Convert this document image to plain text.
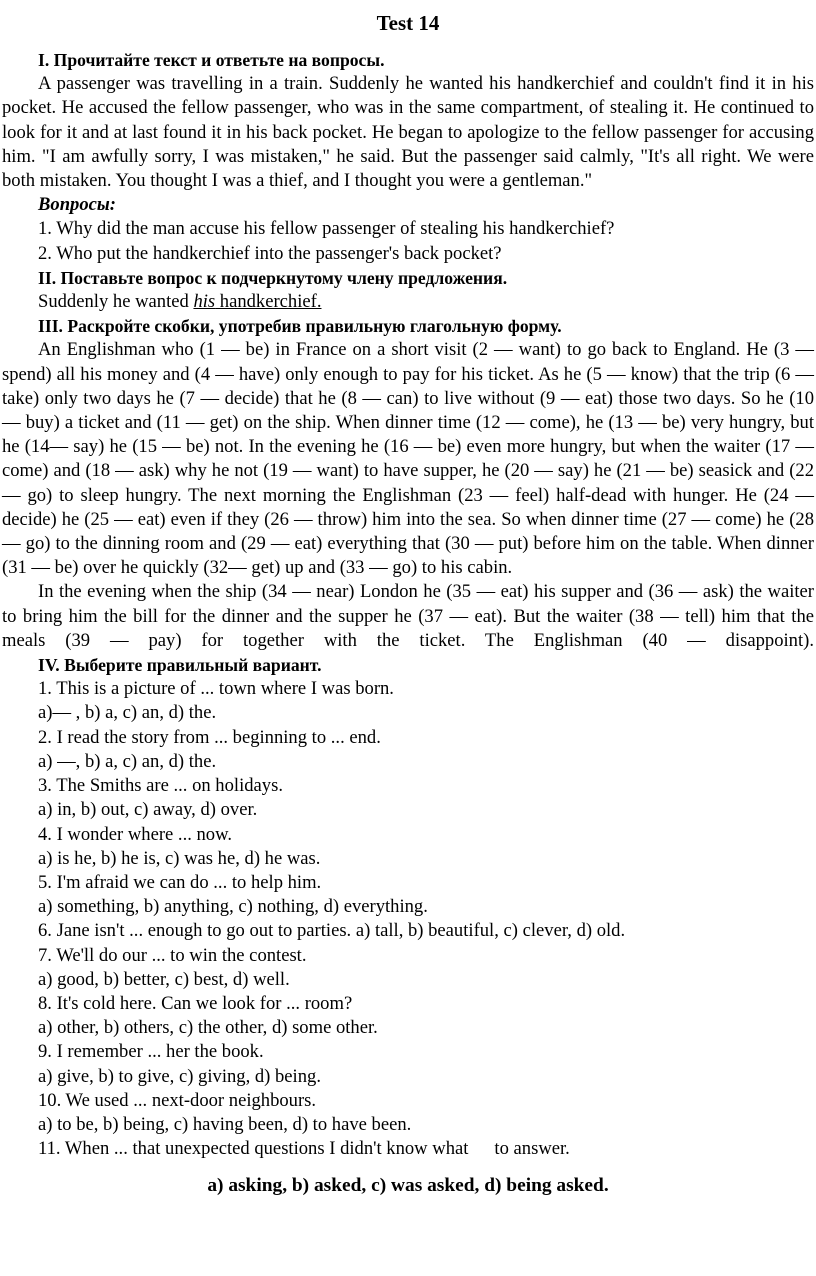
Test 14
I. Прочитайте текст и ответьте на вопросы.

A passenger was travelling in a train. Suddenly he wanted his handkerchief and couldn't find it in his pocket. He accused the fellow passenger, who was in the same compartment, of stealing it. He continued to look for it and at last found it in his back pocket. He began to apologize to the fellow passenger for accusing him. "I am awfully sorry, I was mistaken," he said. But the passenger said calmly, "It's all right. We were both mistaken. You thought I was a thief, and I thought you were a gentleman."

Вопросы:
1. Why did the man accuse his fellow passenger of stealing his handkerchief?
2. Who put the handkerchief into the passenger's back pocket?
II. Поставьте вопрос к подчеркнутому члену предложения.
Suddenly he wanted his handkerchief.
III. Раскройте скобки, употребив правильную глагольную форму.

An Englishman who (1 — be) in France on a short visit (2 — want) to go back to England. He (3 — spend) all his money and (4 — have) only enough to pay for his ticket. As he (5 — know) that the trip (6 — take) only two days he (7 — decide) that he (8 — can) to live without (9 — eat) those two days. So he (10 — buy) a ticket and (11 — get) on the ship. When dinner time (12 — come), he (13 — be) very hungry, but he (14— say) he (15 — be) not. In the evening he (16 — be) even more hungry, but when the waiter (17 — come) and (18 — ask) why he not (19 — want) to have supper, he (20 — say) he (21 — be) seasick and (22 — go) to sleep hungry. The next morning the Englishman (23 — feel) half-dead with hunger. He (24 — decide) he (25 — eat) even if they (26 — throw) him into the sea. So when dinner time (27 — come) he (28 — go) to the dinning room and (29 — eat) everything that (30 — put) before him on the table. When dinner (31 — be) over he quickly (32— get) up and (33 — go) to his cabin.

In the evening when the ship (34 — near) London he (35 — eat) his supper and (36 — ask) the waiter to bring him the bill for the dinner and the supper he (37 — eat). But the waiter (38 — tell) him that the meals (39 — pay) for together with the ticket. The Englishman (40 — disappoint).

IV. Выберите правильный вариант.
1. This is a picture of ... town where I was born.
a)— , b) a, c) an, d) the.
2. I read the story from ... beginning to ... end.
a) —, b) a, c) an, d) the.
3. The Smiths are ... on holidays.
a) in, b) out, c) away, d) over.
4. I wonder where ... now.
a) is he, b) he is, c) was he, d) he was.
5. I'm afraid we can do ... to help him.
a) something, b) anything, c) nothing, d) everything.
6. Jane isn't ... enough to go out to parties. a) tall, b) beautiful, c) clever, d) old.
7. We'll do our ... to win the contest.
a) good, b) better, c) best, d) well.
8. It's cold here. Can we look for ... room?
a) other, b) others, c) the other, d) some other.
9. I remember ... her the book.
a) give, b) to give, c) giving, d) being.
10. We used ... next-door neighbours.
a) to be, b) being, c) having been, d) to have been.
11. When ... that unexpected questions I didn't know what to answer.
a) asking, b) asked, c) was asked, d) being asked.
